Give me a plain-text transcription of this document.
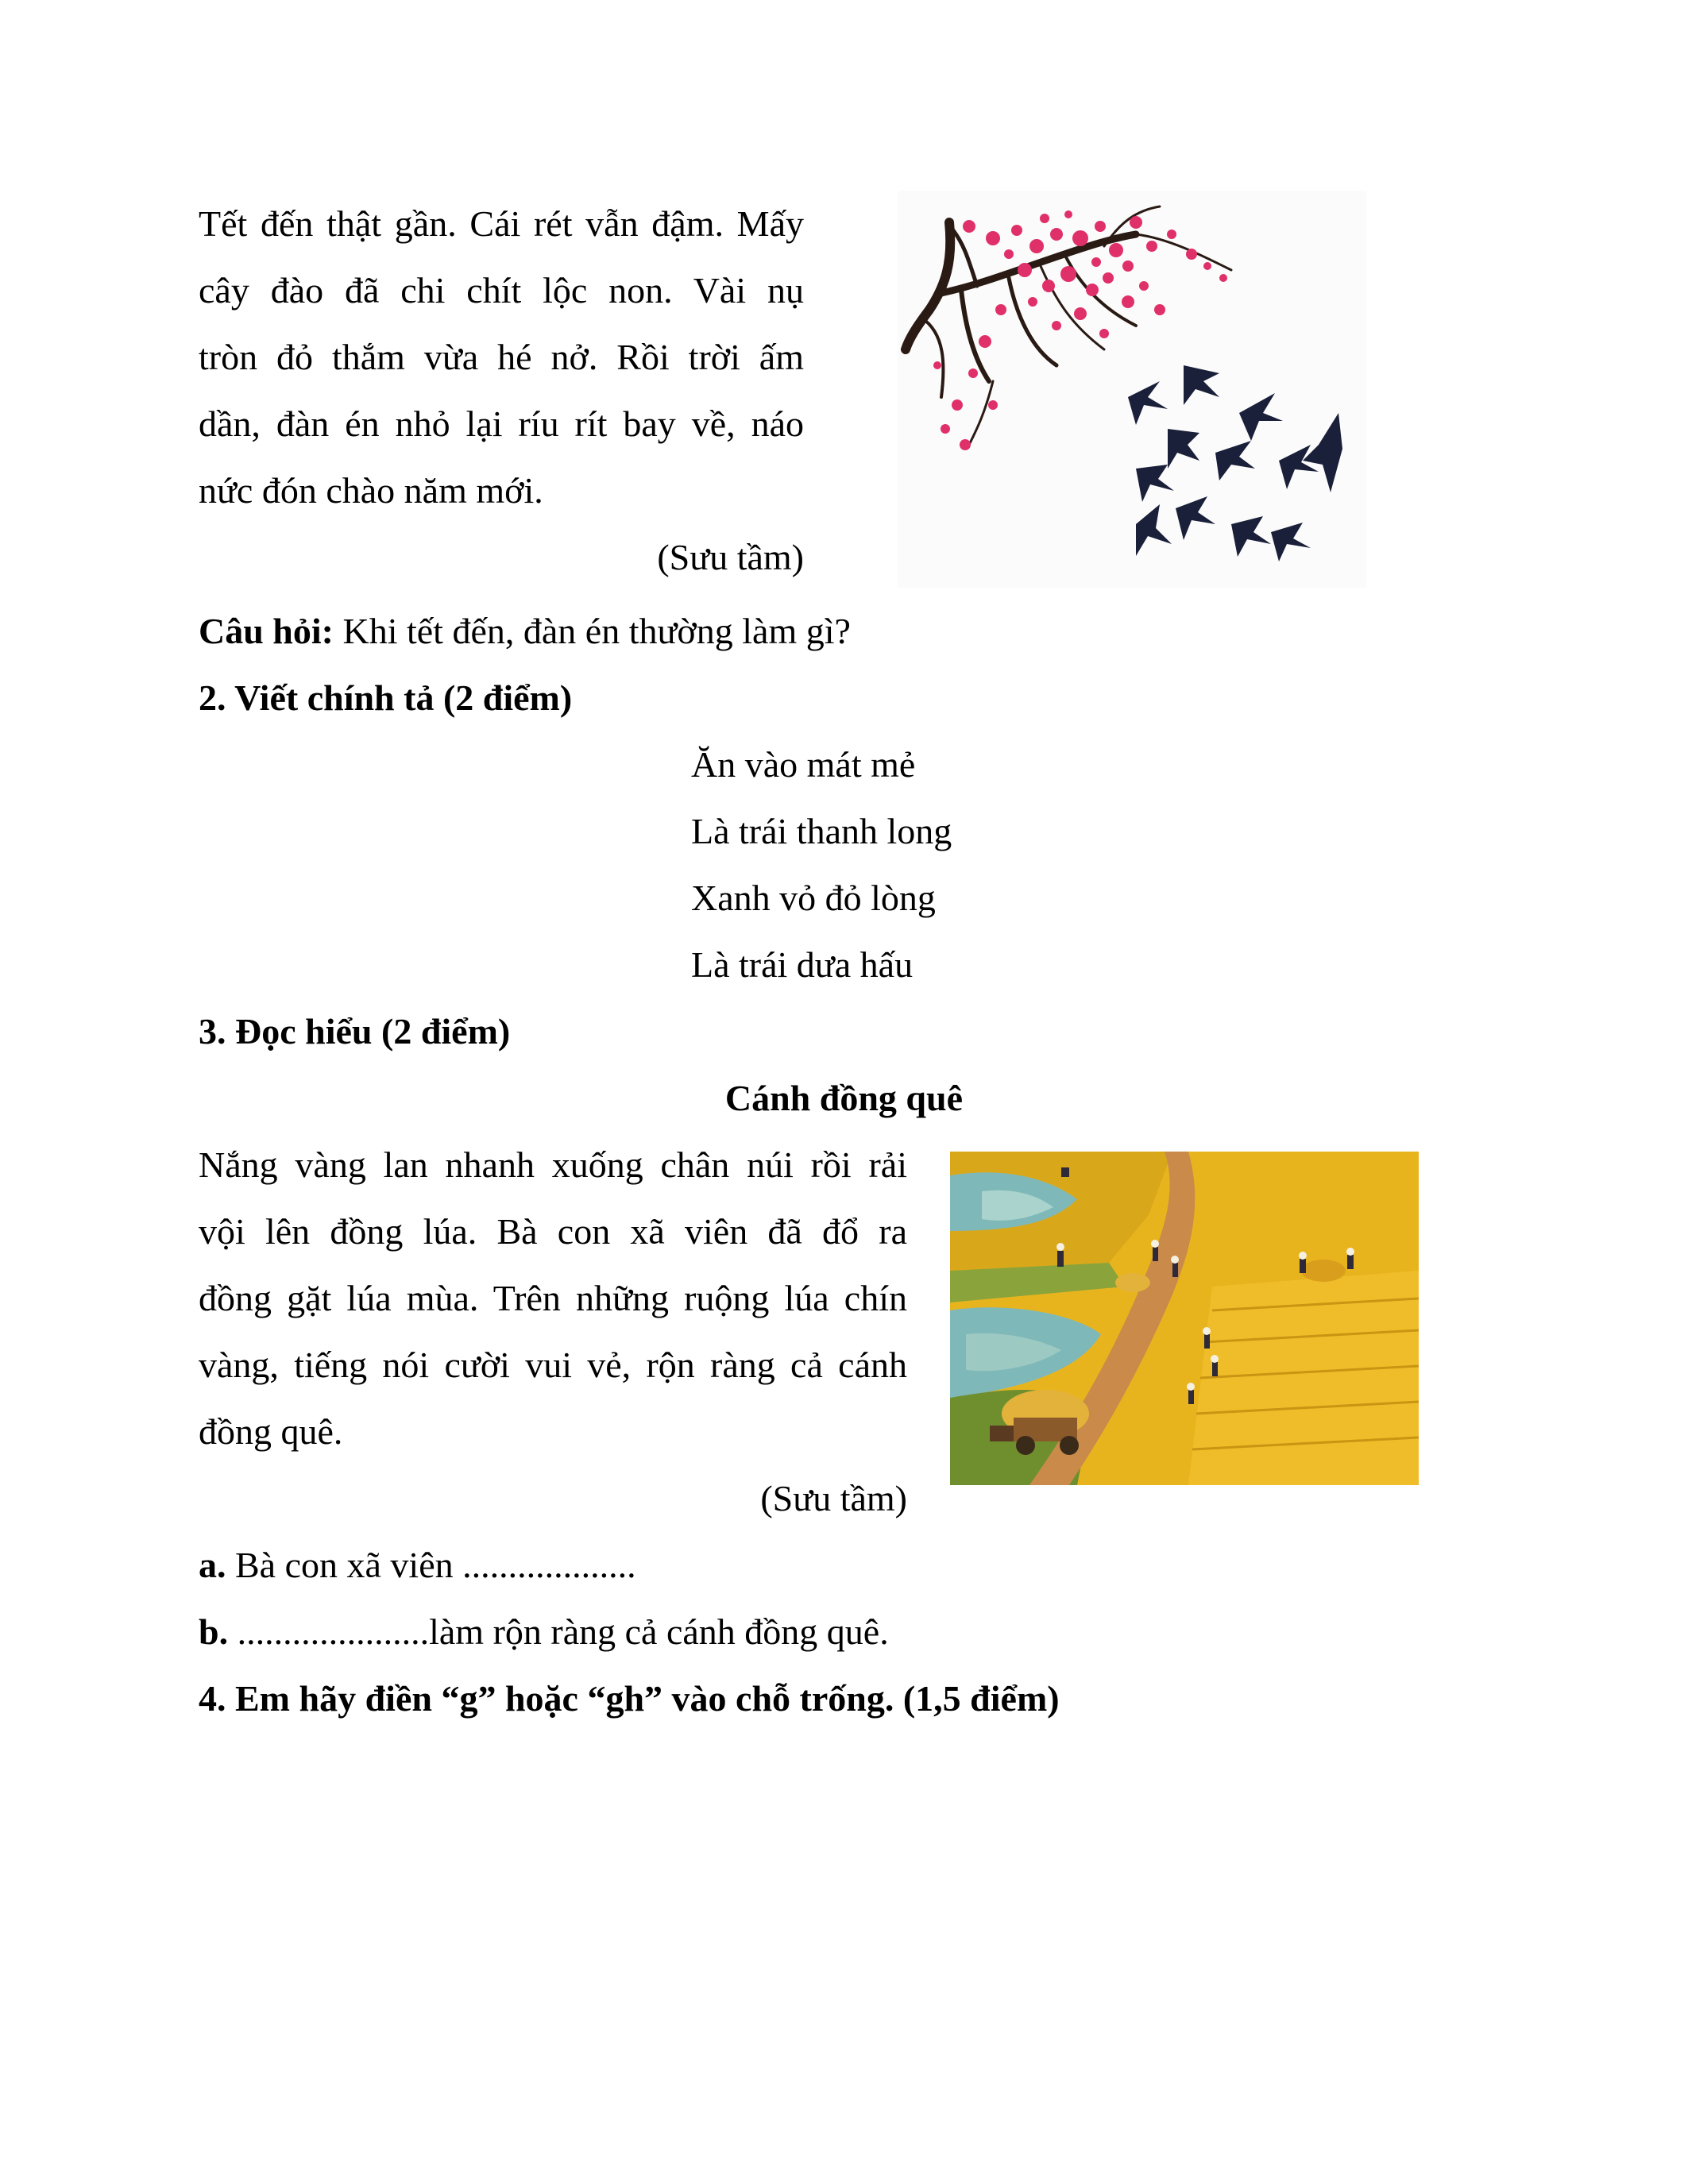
Tết đến thật gần. Cái rét vẫn đậm. Mấy
cây đào đã chi chít lộc non. Vài nụ
tròn đỏ thắm vừa hé nở. Rồi trời ấm
dần, đàn én nhỏ lại ríu rít bay về, náo
nức đón chào năm mới.
(Sưu tầm)
Câu hỏi: Khi tết đến, đàn én thường làm gì?
2. Viết chính tả (2 điểm)
Ăn vào mát mẻ
Là trái thanh long
Xanh vỏ đỏ lòng
Là trái dưa hấu
3. Đọc hiểu (2 điểm)
Cánh đồng quê
Nắng vàng lan nhanh xuống chân núi rồi rải
vội lên đồng lúa. Bà con xã viên đã đổ ra
đồng gặt lúa mùa. Trên những ruộng lúa chín
vàng, tiếng nói cười vui vẻ, rộn ràng cả cánh
đồng quê.
(Sưu tầm)
a. Bà con xã viên ...................
b. .....................làm rộn ràng cả cánh đồng quê.
4. Em hãy điền “g” hoặc “gh” vào chỗ trống. (1,5 điểm)
